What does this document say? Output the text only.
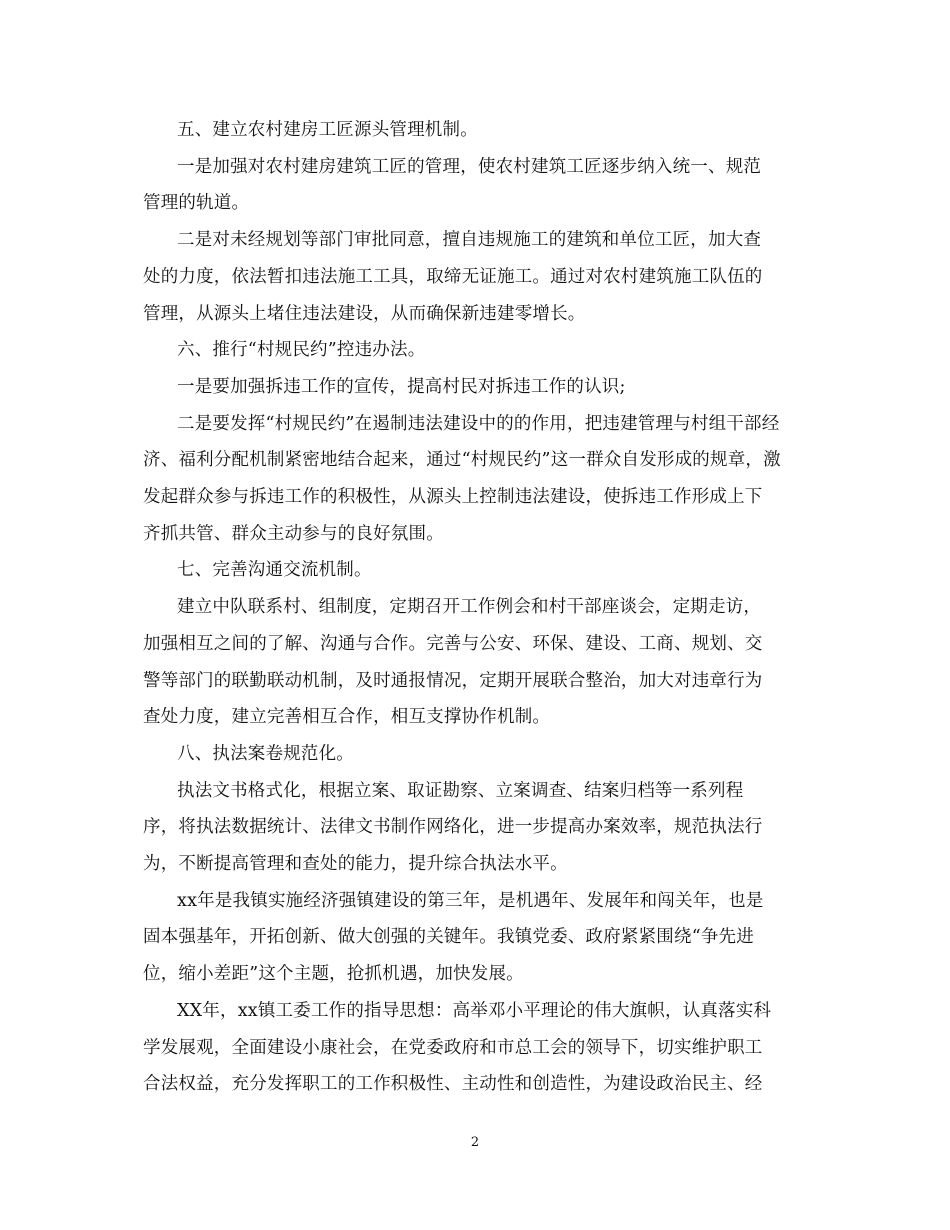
五、建立农村建房工匠源头管理机制。
一是加强对农村建房建筑工匠的管理，使农村建筑工匠逐步纳入统一、规范
管理的轨道。
二是对未经规划等部门审批同意，擅自违规施工的建筑和单位工匠，加大查
处的力度，依法暂扣违法施工工具，取缔无证施工。通过对农村建筑施工队伍的
管理，从源头上堵住违法建设，从而确保新违建零增长。
六、推行“村规民约”控违办法。
一是要加强拆违工作的宣传，提高村民对拆违工作的认识;
二是要发挥“村规民约”在遏制违法建设中的的作用，把违建管理与村组干部经
济、福利分配机制紧密地结合起来，通过“村规民约”这一群众自发形成的规章，激
发起群众参与拆违工作的积极性，从源头上控制违法建设，使拆违工作形成上下
齐抓共管、群众主动参与的良好氛围。
七、完善沟通交流机制。
建立中队联系村、组制度，定期召开工作例会和村干部座谈会，定期走访，
加强相互之间的了解、沟通与合作。完善与公安、环保、建设、工商、规划、交
警等部门的联勤联动机制，及时通报情况，定期开展联合整治，加大对违章行为
查处力度，建立完善相互合作，相互支撑协作机制。
八、执法案卷规范化。
执法文书格式化，根据立案、取证勘察、立案调查、结案归档等一系列程
序，将执法数据统计、法律文书制作网络化，进一步提高办案效率，规范执法行
为，不断提高管理和查处的能力，提升综合执法水平。
xx年是我镇实施经济强镇建设的第三年，是机遇年、发展年和闯关年，也是
固本强基年，开拓创新、做大创强的关键年。我镇党委、政府紧紧围绕“争先进
位，缩小差距”这个主题，抢抓机遇，加快发展。
XX年，xx镇工委工作的指导思想：高举邓小平理论的伟大旗帜，认真落实科
学发展观，全面建设小康社会，在党委政府和市总工会的领导下，切实维护职工
合法权益，充分发挥职工的工作积极性、主动性和创造性，为建设政治民主、经
2
